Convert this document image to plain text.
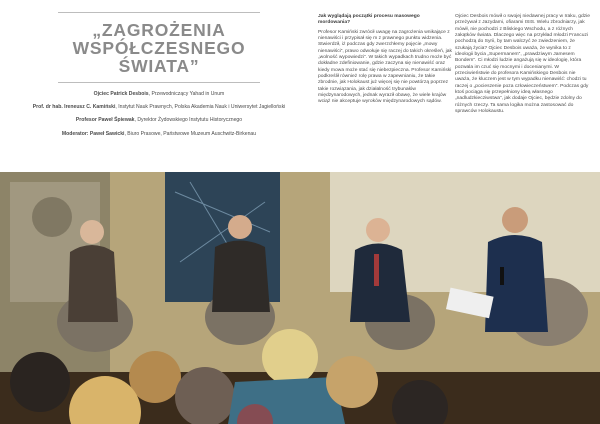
„ZAGROŻENIA
WSPÓŁCZESNEGO
ŚWIATA”

Ojciec Patrick Desbois, Przewodniczący Yahad in Unum

Prof. dr hab. Ireneusz C. Kamiński, Instytut Nauk Prawnych, Polska Akademia Nauk i Uniwersytet Jagielloński

Profesor Paweł Śpiewak, Dyrektor Żydowskiego Instytutu Historycznego

Moderator: Paweł Sawicki, Biuro Prasowe, Państwowe Muzeum Auschwitz-Birkenau

Jak wyglądają początki procesu masowego mordowania?

Profesor Kamiński zwrócił uwagę na zagrożenia wnikające z nienawiści i przypisał się m z prawnego punktu widzenia. Stwierdził, iż podczas gdy zwerzchłemy pojęcie „mowy nienawiści”, prawo odwołuje się raczej do takich określeń, jak „wolność wypowiedzi”. W takich wypadkach trudno może być dokładne zdefiniowanie, gdzie zaczyna się nienawiść oraz kiedy mowa może stać się niebezpieczna. Profesor Kamiński podkreślił również rolę prawa w zapewnianiu, że takie zbrodnie, jak Holokaust już więcej się nie powtórzą poprzez takie rozwiązania, jak działalność trybunałów międzynarodowych, jednak wyraził obawę, że wiele krajów wciąż nie akceptuje wyroków międzynarodowych sądów.

Ojciec Desbois mówił o swojej niedawnej pracy w Iraku, gdzie przeżywał z Jazydami, ofiarami ISIS. Wielu zbrodniarzy, jak mówił, nie pochodzi z Bliskiego Wschodu, a z różnych zakątków świata. Dlaczego więc na przykład młodzi Francuzi pochodzą do Syrii, by tam walczyć ze zwiedzeniem, że szukają życia? Ojciec Desbois uważa, że wynika to z ideologii bycia „Supermanem”, „prawdziwym Jamesem Bondem”. Ci młodzi ludzie angażują się w ideologię, która pozwala im czuć się mocnymi i docenianymi. W przeciwieństwie do profesora Kamińskiego Desbois nie uważa, że kluczem jest w tym wypadku nienawiść: chodzi tu raczej o „pocieszenie poza człowieczeństwem”. Podczas gdy ktoś pociąga się przepełniony ideą własnego „nadludzkiecziwstwa”, jak dodaje Ojciec, będzie zdolny do różnych rzeczy. Ta sama logika można zastosować do sprawców Holokaustu.
